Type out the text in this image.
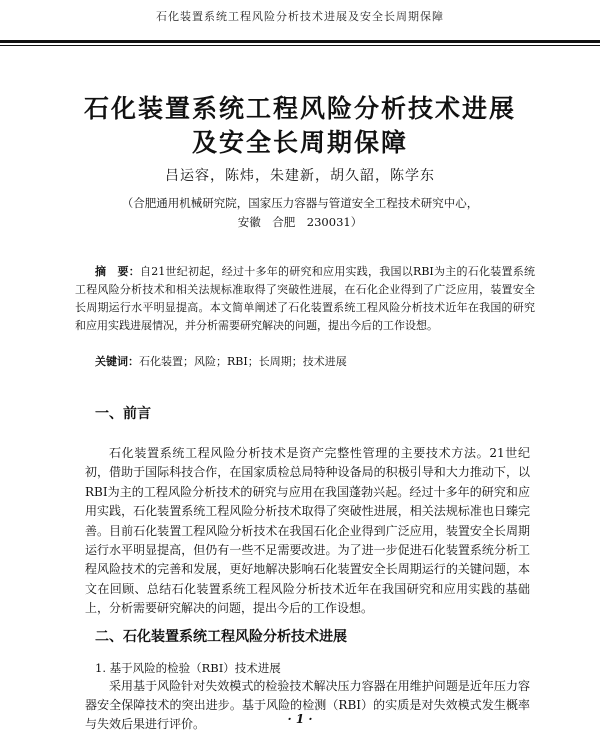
石化装置系统工程风险分析技术进展及安全长周期保障
石化装置系统工程风险分析技术进展
及安全长周期保障
吕运容，陈炜，朱建新，胡久韶，陈学东
（合肥通用机械研究院，国家压力容器与管道安全工程技术研究中心，
安徽　合肥　230031）
摘　要：自21世纪初起，经过十多年的研究和应用实践，我国以RBI为主的石化装置系统工程风险分析技术和相关法规标准取得了突破性进展，在石化企业得到了广泛应用，装置安全长周期运行水平明显提高。本文简单阐述了石化装置系统工程风险分析技术近年在我国的研究和应用实践进展情况，并分析需要研究解决的问题，提出今后的工作设想。
关键词：石化装置；风险；RBI；长周期；技术进展
一、前言
石化装置系统工程风险分析技术是资产完整性管理的主要技术方法。21世纪初，借助于国际科技合作，在国家质检总局特种设备局的积极引导和大力推动下，以RBI为主的工程风险分析技术的研究与应用在我国蓬勃兴起。经过十多年的研究和应用实践，石化装置系统工程风险分析技术取得了突破性进展，相关法规标准也日臻完善。目前石化装置工程风险分析技术在我国石化企业得到广泛应用，装置安全长周期运行水平明显提高，但仍有一些不足需要改进。为了进一步促进石化装置系统分析工程风险技术的完善和发展，更好地解决影响石化装置安全长周期运行的关键问题，本文在回顾、总结石化装置系统工程风险分析技术近年在我国研究和应用实践的基础上，分析需要研究解决的问题，提出今后的工作设想。
二、石化装置系统工程风险分析技术进展
1. 基于风险的检验（RBI）技术进展
采用基于风险针对失效模式的检验技术解决压力容器在用维护问题是近年压力容器安全保障技术的突出进步。基于风险的检测（RBI）的实质是对失效模式发生概率与失效后果进行评价。	· 1 ·
